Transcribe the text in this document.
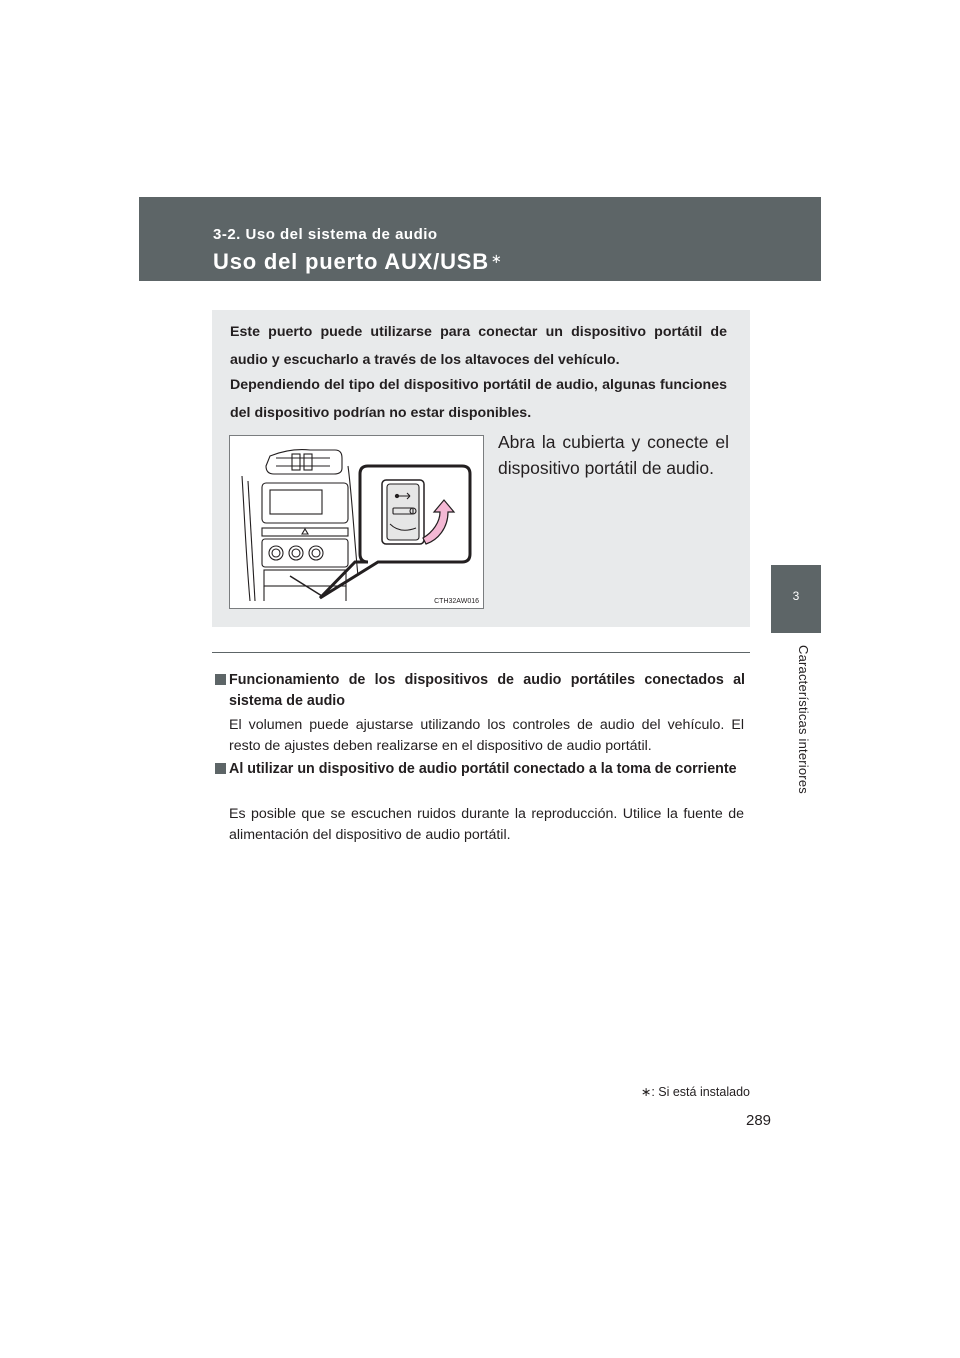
3-2. Uso del sistema de audio
Uso del puerto AUX/USB ∗
3
Características interiores

Este puerto puede utilizarse para conectar un dispositivo portátil de audio y escucharlo a través de los altavoces del vehículo.

Dependiendo del tipo del dispositivo portátil de audio, algunas funciones del dispositivo podrían no estar disponibles.

CTH32AW016

Abra la cubierta y conecte el dispositivo portátil de audio.

Funcionamiento de los dispositivos de audio portátiles conectados al sistema de audio

El volumen puede ajustarse utilizando los controles de audio del vehículo. El resto de ajustes deben realizarse en el dispositivo de audio portátil.

Al utilizar un dispositivo de audio portátil conectado a la toma de corriente

Es posible que se escuchen ruidos durante la reproducción. Utilice la fuente de alimentación del dispositivo de audio portátil.

∗: Si está instalado
289
